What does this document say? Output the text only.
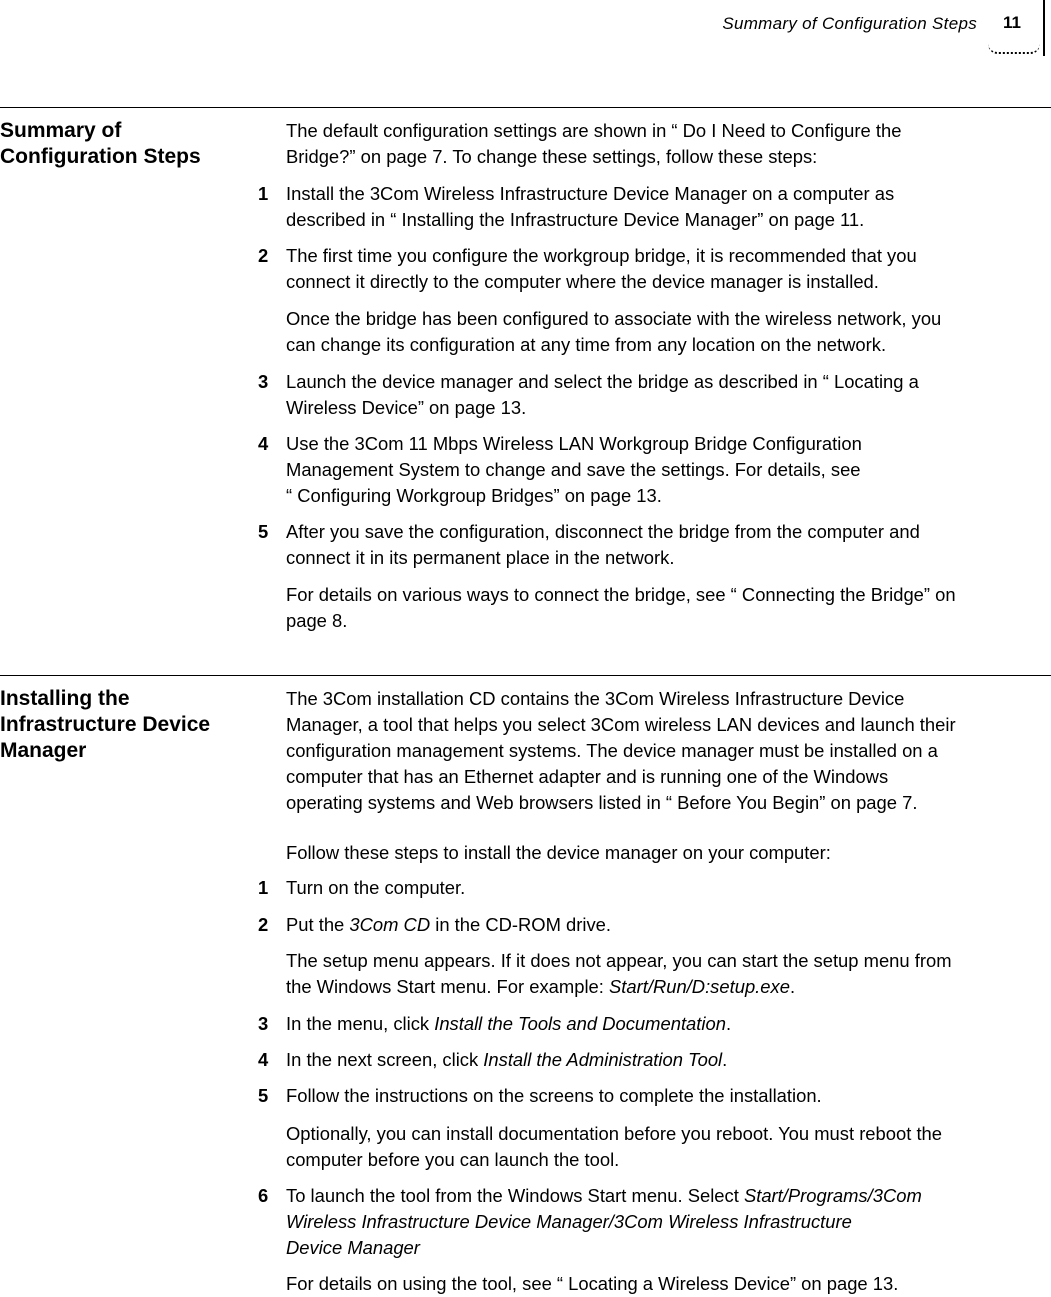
Summary of Configuration Steps 11
Summary of
Configuration Steps

The default configuration settings are shown in “ Do I Need to Configure the
Bridge?” on page 7. To change these settings, follow these steps:

1 Install the 3Com Wireless Infrastructure Device Manager on a computer as
described in “ Installing the Infrastructure Device Manager” on page 11.

2 The first time you configure the workgroup bridge, it is recommended that you
connect it directly to the computer where the device manager is installed.

Once the bridge has been configured to associate with the wireless network, you
can change its configuration at any time from any location on the network.

3 Launch the device manager and select the bridge as described in “ Locating a
Wireless Device” on page 13.

4 Use the 3Com 11 Mbps Wireless LAN Workgroup Bridge Configuration
Management System to change and save the settings. For details, see
“ Configuring Workgroup Bridges” on page 13.

5 After you save the configuration, disconnect the bridge from the computer and
connect it in its permanent place in the network.

For details on various ways to connect the bridge, see “ Connecting the Bridge” on
page 8.

Installing the
Infrastructure Device
Manager

The 3Com installation CD contains the 3Com Wireless Infrastructure Device
Manager, a tool that helps you select 3Com wireless LAN devices and launch their
configuration management systems. The device manager must be installed on a
computer that has an Ethernet adapter and is running one of the Windows
operating systems and Web browsers listed in “ Before You Begin” on page 7.

Follow these steps to install the device manager on your computer:

1 Turn on the computer.

2 Put the 3Com CD in the CD-ROM drive.

The setup menu appears. If it does not appear, you can start the setup menu from
the Windows Start menu. For example: Start/Run/D:setup.exe.

3 In the menu, click Install the Tools and Documentation.

4 In the next screen, click Install the Administration Tool.

5 Follow the instructions on the screens to complete the installation.

Optionally, you can install documentation before you reboot. You must reboot the
computer before you can launch the tool.

6 To launch the tool from the Windows Start menu. Select Start/Programs/3Com
Wireless Infrastructure Device Manager/3Com Wireless Infrastructure
Device Manager

For details on using the tool, see “ Locating a Wireless Device” on page 13.
